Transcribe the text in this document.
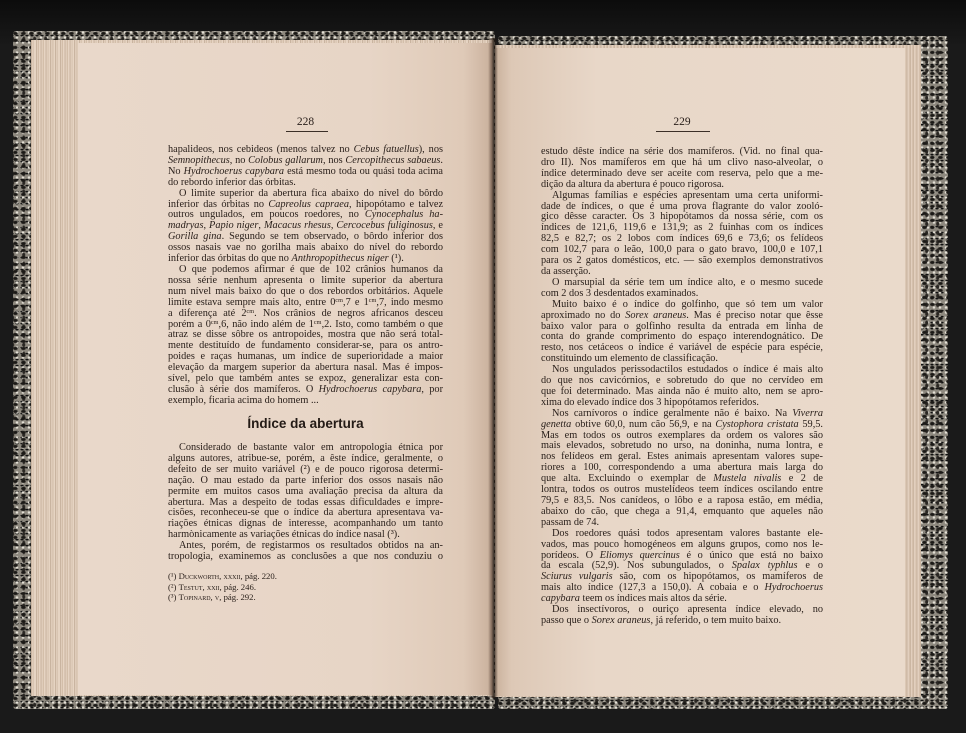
228
hapalideos, nos cebideos (menos talvez no Cebus fatuellus), nos
Semnopithecus, no Colobus gallarum, nos Cercopithecus sabaeus.
No Hydrochoerus capybara está mesmo toda ou quási toda acima
do rebordo inferior das órbitas.
O limite superior da abertura fica abaixo do nível do bôrdo
inferior das órbitas no Capreolus capraea, hipopótamo e talvez
outros ungulados, em poucos roedores, no Cynocephalus ha-
madryas, Papio niger, Macacus rhesus, Cercocebus fuliginosus, e
Gorilla gina. Segundo se tem observado, o bôrdo inferior dos
ossos nasais vae no gorilha mais abaixo do nível do rebordo
inferior das órbitas do que no Anthropopithecus niger (¹).
O que podemos afirmar é que de 102 crânios humanos da
nossa série nenhum apresenta o limite superior da abertura
num nível mais baixo do que o dos rebordos orbitários. Aquele
limite estava sempre mais alto, entre 0ᶜᵐ,7 e 1ᶜᵐ,7, indo mesmo
a diferença até 2ᶜᵐ. Nos crânios de negros africanos desceu
porém a 0ᶜᵐ,6, não indo além de 1ᶜᵐ,2. Isto, como também o que
atraz se disse sôbre os antropoides, mostra que não será total-
mente destituído de fundamento considerar-se, para os antro-
poides e raças humanas, um índice de superioridade a maior
elevação da margem superior da abertura nasal. Mas é impos-
sível, pelo que também antes se expoz, generalizar esta con-
clusão à série dos mamíferos. O Hydrochoerus capybara, por
exemplo, ficaria acima do homem ...
Índice da abertura
Considerado de bastante valor em antropologia étnica por
alguns autores, atribue-se, porém, a êste índice, geralmente, o
defeito de ser muito variável (²) e de pouco rigorosa determi-
nação. O mau estado da parte inferior dos ossos nasais não
permite em muitos casos uma avaliação precisa da altura da
abertura. Mas a despeito de todas essas dificuldades e impre-
cisões, reconheceu-se que o índice da abertura apresentava va-
riações étnicas dignas de interesse, acompanhando um tanto
harmònicamente as variações étnicas do índice nasal (³).
Antes, porém, de registarmos os resultados obtidos na an-
tropologia, examinemos as conclusões a que nos conduziu o
(¹) Duckworth, xxxii, pág. 220.
(²) Testut, xxii, pág. 246.
(³) Topinard, v, pág. 292.
229
estudo dêste índice na série dos mamíferos. (Vid. no final qua-
dro II). Nos mamíferos em que há um clivo naso-alveolar, o
índice determinado deve ser aceite com reserva, pelo que a me-
dição da altura da abertura é pouco rigorosa.
Algumas famílias e espécies apresentam uma certa uniformi-
dade de índices, o que é uma prova flagrante do valor zooló-
gico dêsse caracter. Os 3 hipopótamos da nossa série, com os
índices de 121,6, 119,6 e 131,9; as 2 fuinhas com os índices
82,5 e 82,7; os 2 lobos com índices 69,6 e 73,6; os felídeos
com 102,7 para o leão, 100,0 para o gato bravo, 100,0 e 107,1
para os 2 gatos domésticos, etc. — são exemplos demonstrativos
da asserção.
O marsupial da série tem um índice alto, e o mesmo sucede
com 2 dos 3 desdentados examinados.
Muito baixo é o índice do golfinho, que só tem um valor
aproximado no do Sorex araneus. Mas é preciso notar que êsse
baixo valor para o golfinho resulta da entrada em linha de
conta do grande comprimento do espaço interendognático. De
resto, nos cetáceos o índice é variável de espécie para espécie,
constituindo um elemento de classificação.
Nos ungulados perissodactilos estudados o índice é mais alto
do que nos cavicórnios, e sobretudo do que no cervídeo em
que foi determinado. Mas ainda não é muito alto, nem se apro-
xima do elevado índice dos 3 hipopótamos referidos.
Nos carnívoros o índice geralmente não é baixo. Na Viverra
genetta obtive 60,0, num cão 56,9, e na Cystophora cristata 59,5.
Mas em todos os outros exemplares da ordem os valores são
mais elevados, sobretudo no urso, na doninha, numa lontra, e
nos felídeos em geral. Estes animais apresentam valores supe-
riores a 100, correspondendo a uma abertura mais larga do
que alta. Excluindo o exemplar de Mustela nivalis e 2 de
lontra, todos os outros mustelídeos teem índices oscilando entre
79,5 e 83,5. Nos canídeos, o lôbo e a raposa estão, em média,
abaixo do cão, que chega a 91,4, emquanto que aqueles não
passam de 74.
Dos roedores quási todos apresentam valores bastante ele-
vados, mas pouco homogéneos em alguns grupos, como nos le-
porídeos. O Eliomys quercinus é o único que está no baixo
da escala (52,9). Nos subungulados, o Spalax typhlus e o
Sciurus vulgaris são, com os hipopótamos, os mamíferos de
mais alto índice (127,3 a 150,0). A cobaia e o Hydrochoerus
capybara teem os índices mais altos da série.
Dos insectívoros, o ouriço apresenta índice elevado, no
passo que o Sorex araneus, já referido, o tem muito baixo.
